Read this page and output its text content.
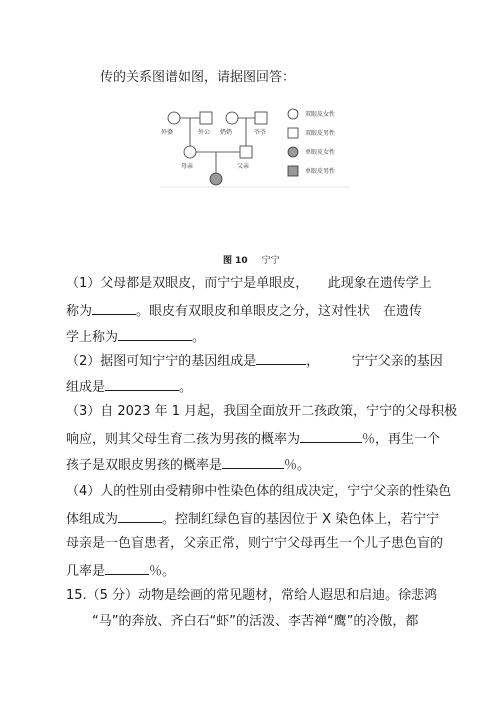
传的关系图谱如图，请据图回答：
外婆	外公 奶奶	爷爷
母亲	父亲
双眼皮女性
双眼皮男性
单眼皮女性
单眼皮男性
图 10 宁宁
（1）父母都是双眼皮，而宁宁是单眼皮，　　此现象在遗传学上
称为	。眼皮有双眼皮和单眼皮之分，这对性状　在遗传
学上称为	。
（2）据图可知宁宁的基因组成是	，　　　宁宁父亲的基因
组成是	。
（3）自 2023 年 1 月起，我国全面放开二孩政策，宁宁的父母积极
响应，则其父母生育二孩为男孩的概率为	％，再生一个
孩子是双眼皮男孩的概率是	％。
（4）人的性别由受精卵中性染色体的组成决定，宁宁父亲的性染色
体组成为	。控制红绿色盲的基因位于 X 染色体上，若宁宁
母亲是一色盲患者，父亲正常，则宁宁父母再生一个儿子患色盲的
几率是	％。
15.（5 分）动物是绘画的常见题材，常给人遐思和启迪。徐悲鸿
“马”的奔放、齐白石“虾”的活泼、李苦禅“鹰”的冷傲，都
